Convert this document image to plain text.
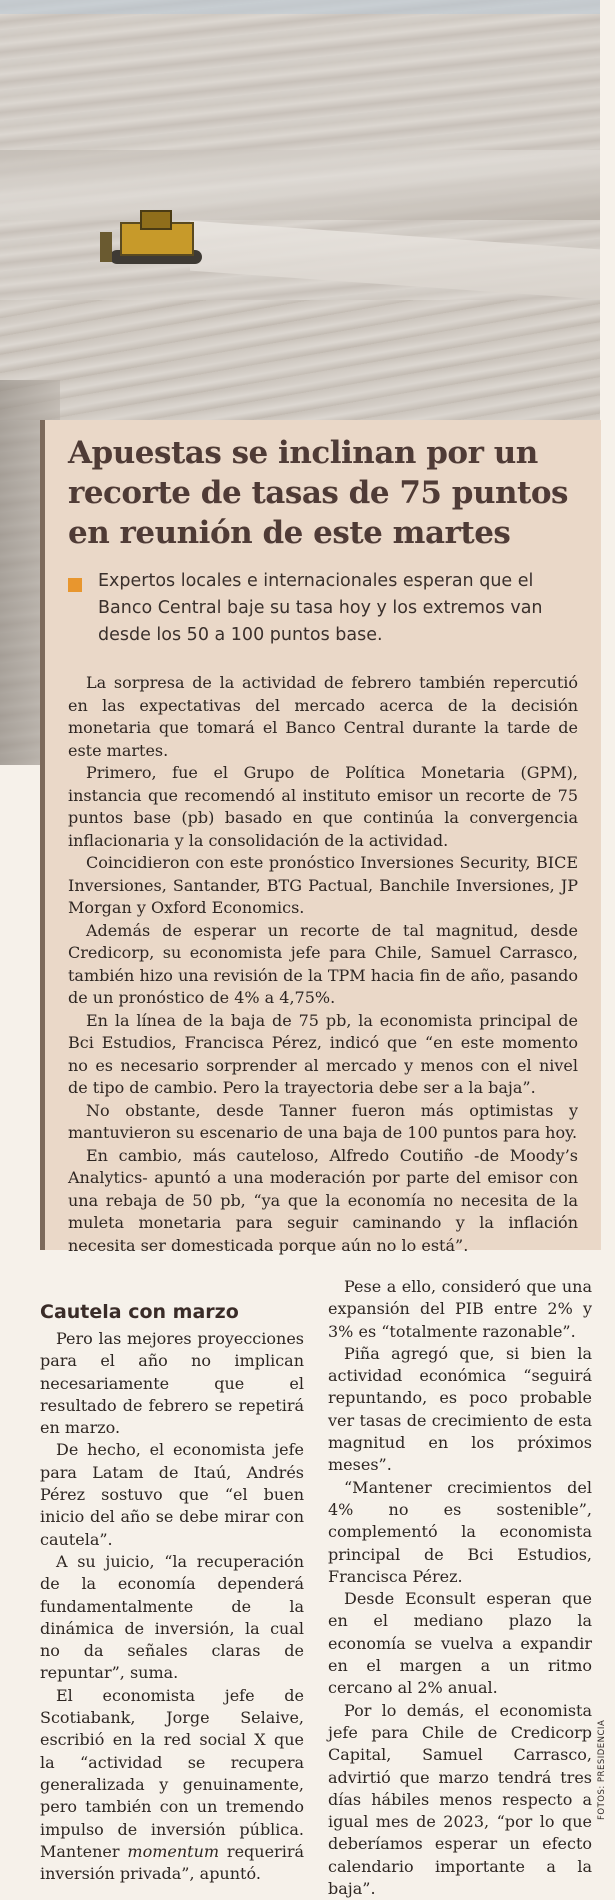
Apuestas se inclinan por un recorte de tasas de 75 puntos en reunión de este martes

Expertos locales e internacionales esperan que el Banco Central baje su tasa hoy y los extremos van desde los 50 a 100 puntos base.

La sorpresa de la actividad de febrero también repercutió en las expectativas del mercado acerca de la decisión monetaria que tomará el Banco Central durante la tarde de este martes.

Primero, fue el Grupo de Política Monetaria (GPM), instancia que recomendó al instituto emisor un recorte de 75 puntos base (pb) basado en que continúa la convergencia inflacionaria y la consolidación de la actividad.

Coincidieron con este pronóstico Inversiones Security, BICE Inversiones, Santander, BTG Pactual, Banchile Inversiones, JP Morgan y Oxford Economics.

Además de esperar un recorte de tal magnitud, desde Credicorp, su economista jefe para Chile, Samuel Carrasco, también hizo una revisión de la TPM hacia fin de año, pasando de un pronóstico de 4% a 4,75%.

En la línea de la baja de 75 pb, la economista principal de Bci Estudios, Francisca Pérez, indicó que “en este momento no es necesario sorprender al mercado y menos con el nivel de tipo de cambio. Pero la trayectoria debe ser a la baja”.

No obstante, desde Tanner fueron más optimistas y mantuvieron su escenario de una baja de 100 puntos para hoy.

En cambio, más cauteloso, Alfredo Coutiño -de Moody’s Analytics- apuntó a una moderación por parte del emisor con una rebaja de 50 pb, “ya que la economía no necesita de la muleta monetaria para seguir caminando y la inflación necesita ser domesticada porque aún no lo está”.

Cautela con marzo

Pero las mejores proyecciones para el año no implican necesariamente que el resultado de febrero se repetirá en marzo.

De hecho, el economista jefe para Latam de Itaú, Andrés Pérez sostuvo que “el buen inicio del año se debe mirar con cautela”.

A su juicio, “la recuperación de la economía dependerá fundamentalmente de la dinámica de inversión, la cual no da señales claras de repuntar”, suma.

El economista jefe de Scotiabank, Jorge Selaive, escribió en la red social X que la “actividad se recupera generalizada y genuinamente, pero también con un tremendo impulso de inversión pública. Mantener momentum requerirá inversión privada”, apuntó.

Pese a ello, consideró que una expansión del PIB entre 2% y 3% es “totalmente razonable”.

Piña agregó que, si bien la actividad económica “seguirá repuntando, es poco probable ver tasas de crecimiento de esta magnitud en los próximos meses”.

“Mantener crecimientos del 4% no es sostenible”, complementó la economista principal de Bci Estudios, Francisca Pérez.

Desde Econsult esperan que en el mediano plazo la economía se vuelva a expandir en el margen a un ritmo cercano al 2% anual.

Por lo demás, el economista jefe para Chile de Credicorp Capital, Samuel Carrasco, advirtió que marzo tendrá tres días hábiles menos respecto a igual mes de 2023, “por lo que deberíamos esperar un efecto calendario importante a la baja”.

FOTOS: PRESIDENCIA
